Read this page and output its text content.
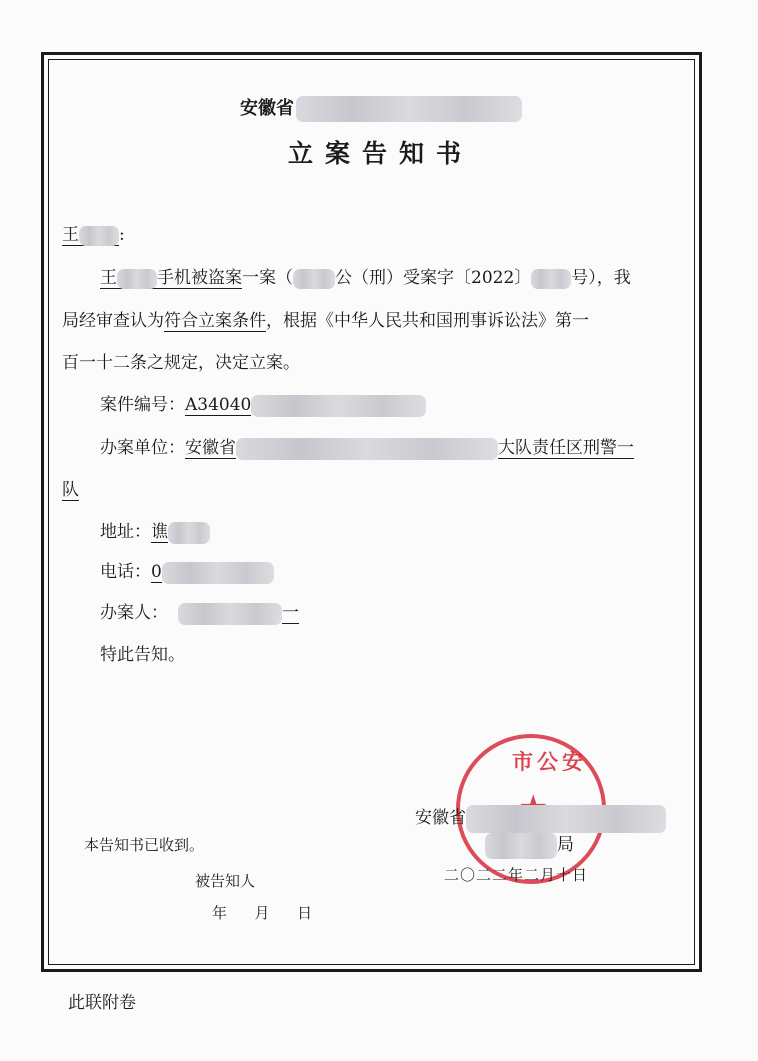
安徽省
立案告知书
王 :
王 手机被盗案一案（ 公（刑）受案字〔2022〕 号），我
局经审查认为符合立案条件，根据《中华人民共和国刑事诉讼法》第一
百一十二条之规定，决定立案。
案件编号：A34040
办案单位：安徽省	大队责任区刑警一
队
地址：谯
电话：0
办案人：	一
特此告知。
市公安
安徽省
局
二〇二二年二月十日
本告知书已收到。
被告知人
年  月  日
此联附卷
